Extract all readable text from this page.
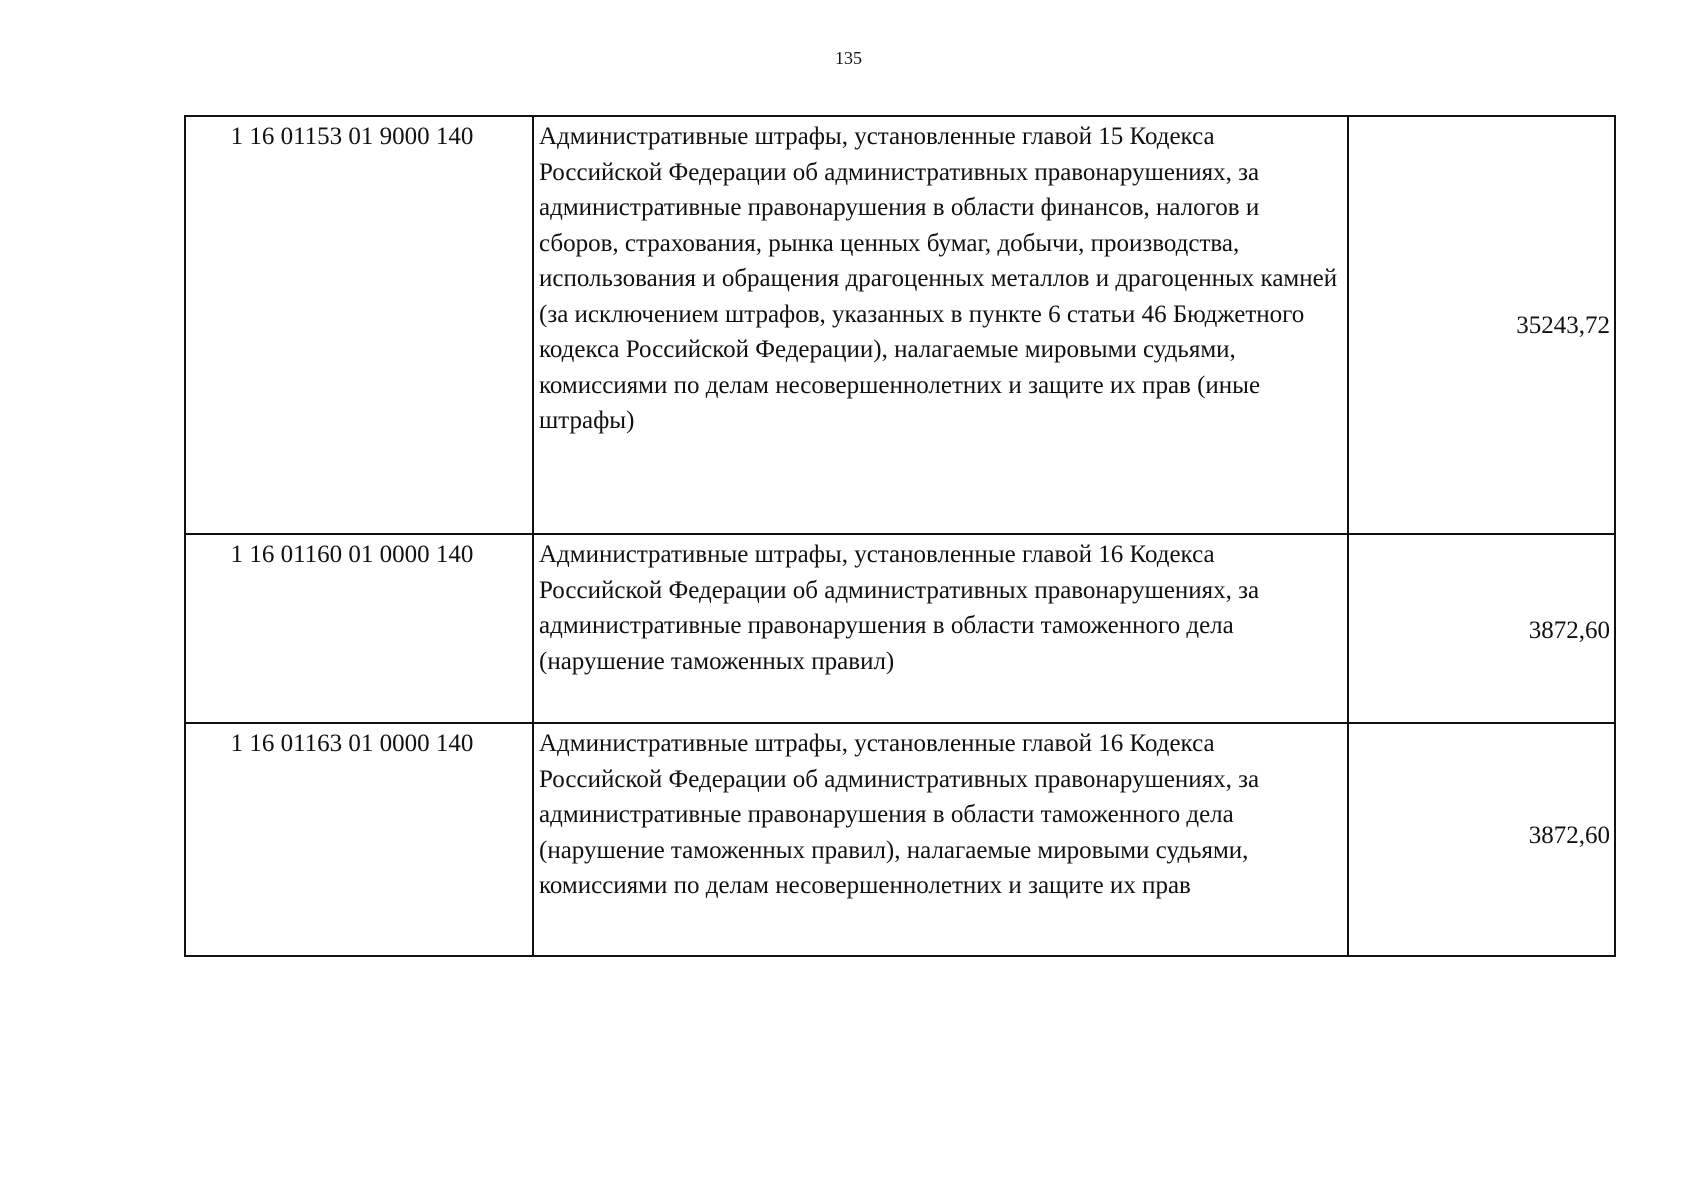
135
1 16 01153 01 9000 140	Административные штрафы, установленные главой 15 Кодекса Российской Федерации об административных правонарушениях, за административные правонарушения в области финансов, налогов и сборов, страхования, рынка ценных бумаг, добычи, производства, использования и обращения драгоценных металлов и драгоценных камней (за исключением штрафов, указанных в пункте 6 статьи 46 Бюджетного кодекса Российской Федерации), налагаемые мировыми судьями, комиссиями по делам несовершеннолетних и защите их прав (иные штрафы)	35243,72
1 16 01160 01 0000 140	Административные штрафы, установленные главой 16 Кодекса Российской Федерации об административных правонарушениях, за административные правонарушения в области таможенного дела (нарушение таможенных правил)	3872,60
1 16 01163 01 0000 140	Административные штрафы, установленные главой 16 Кодекса Российской Федерации об административных правонарушениях, за административные правонарушения в области таможенного дела (нарушение таможенных правил), налагаемые мировыми судьями, комиссиями по делам несовершеннолетних и защите их прав	3872,60
